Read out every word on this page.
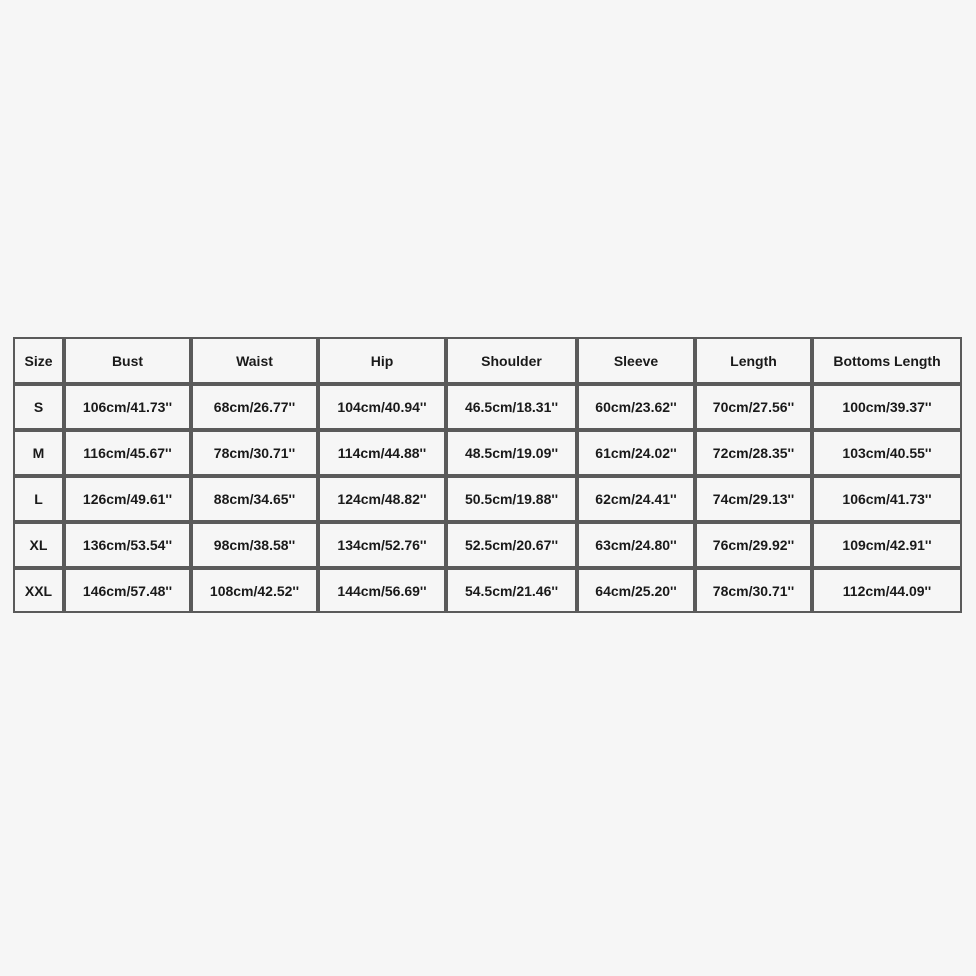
Size	Bust	Waist	Hip	Shoulder	Sleeve	Length	Bottoms Length
S	106cm/41.73''	68cm/26.77''	104cm/40.94''	46.5cm/18.31''	60cm/23.62''	70cm/27.56''	100cm/39.37''
M	116cm/45.67''	78cm/30.71''	114cm/44.88''	48.5cm/19.09''	61cm/24.02''	72cm/28.35''	103cm/40.55''
L	126cm/49.61''	88cm/34.65''	124cm/48.82''	50.5cm/19.88''	62cm/24.41''	74cm/29.13''	106cm/41.73''
XL	136cm/53.54''	98cm/38.58''	134cm/52.76''	52.5cm/20.67''	63cm/24.80''	76cm/29.92''	109cm/42.91''
XXL	146cm/57.48''	108cm/42.52''	144cm/56.69''	54.5cm/21.46''	64cm/25.20''	78cm/30.71''	112cm/44.09''
